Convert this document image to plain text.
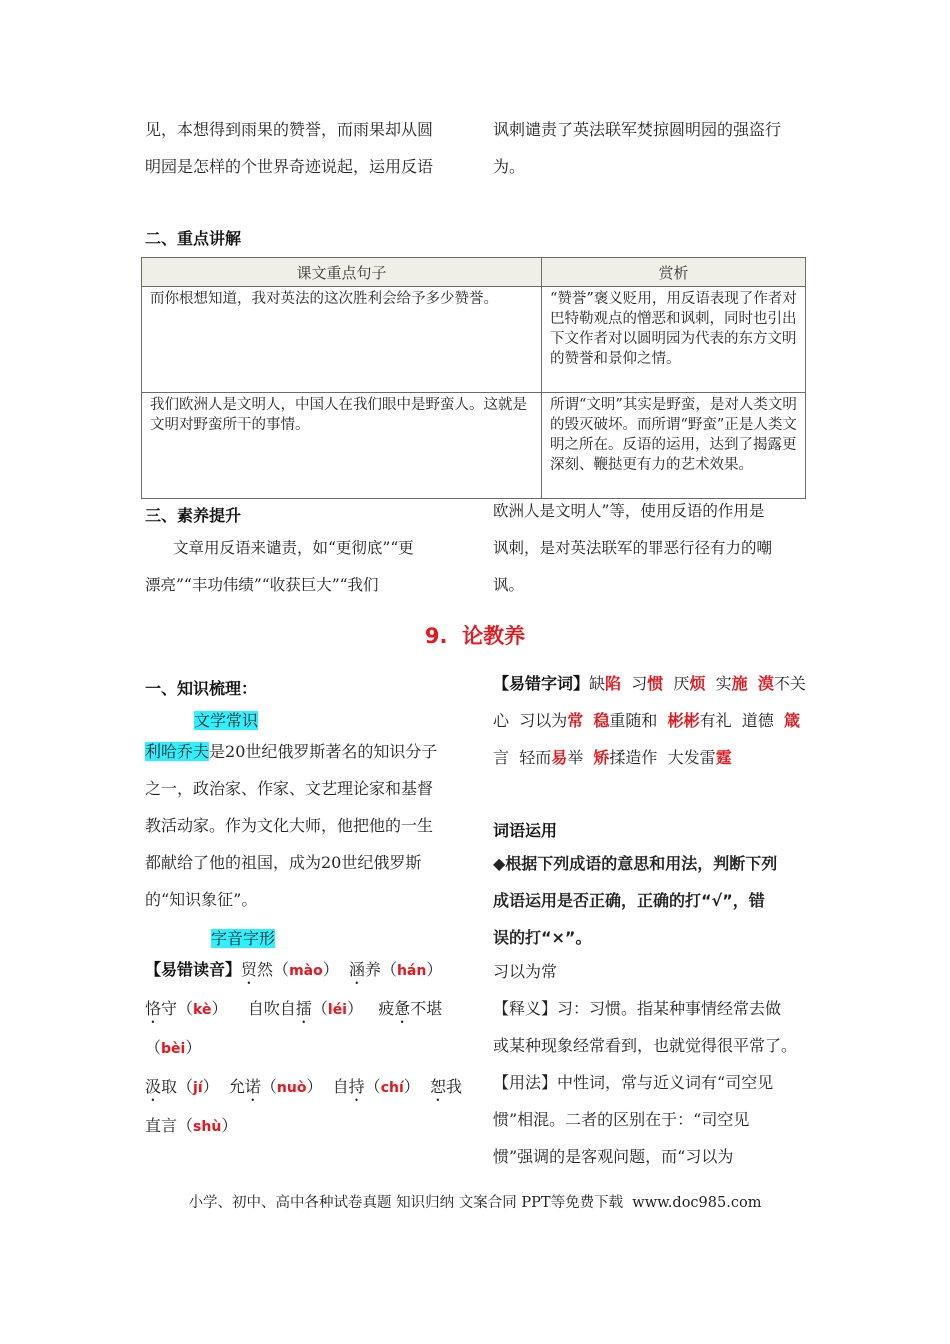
见，本想得到雨果的赞誉，而雨果却从圆
明园是怎样的个世界奇迹说起，运用反语
讽刺谴责了英法联军焚掠圆明园的强盗行
为。
二、重点讲解
课文重点句子	赏析
而你根想知道，我对英法的这次胜利会给予多少赞誉。	“赞誉”褒义贬用，用反语表现了作者对巴特勒观点的憎恶和讽刺，同时也引出下文作者对以圆明园为代表的东方文明的赞誉和景仰之情。
我们欧洲人是文明人，中国人在我们眼中是野蛮人。这就是文明对野蛮所干的事情。	所谓“文明”其实是野蛮，是对人类文明的毁灭破坏。而所谓“野蛮”正是人类文明之所在。反语的运用，达到了揭露更深刻、鞭挞更有力的艺术效果。
三、素养提升
文章用反语来谴责，如“更彻底”“更
漂亮”“丰功伟绩”“收获巨大”“我们
欧洲人是文明人”等，使用反语的作用是
讽刺，是对英法联军的罪恶行径有力的嘲
讽。
9. 论教养
一、知识梳理：
文学常识
利哈乔夫是20世纪俄罗斯著名的知识分子
之一，政治家、作家、文艺理论家和基督
教活动家。作为文化大师，他把他的一生
都献给了他的祖国，成为20世纪俄罗斯
的“知识象征”。
字音字形
【易错读音】贸然（mào） 涵养（hán）
恪守（kè） 自吹自擂（léi） 疲惫不堪
（bèi）
汲取（jí） 允诺（nuò） 自持（chí） 恕我
直言（shù）
【易错字词】缺陷 习惯 厌烦 实施 漠不关心 习以为常 稳重随和 彬彬有礼 道德 箴言 轻而易举 矫揉造作 大发雷霆
词语运用
◆根据下列成语的意思和用法，判断下列
成语运用是否正确，正确的打“√”，错
误的打“×”。
习以为常
【释义】习：习惯。指某种事情经常去做
或某种现象经常看到，也就觉得很平常了。
【用法】中性词，常与近义词有“司空见
惯”相混。二者的区别在于：“司空见
惯”强调的是客观问题，而“习以为
小学、初中、高中各种试卷真题 知识归纳 文案合同 PPT等免费下载 www.doc985.com
